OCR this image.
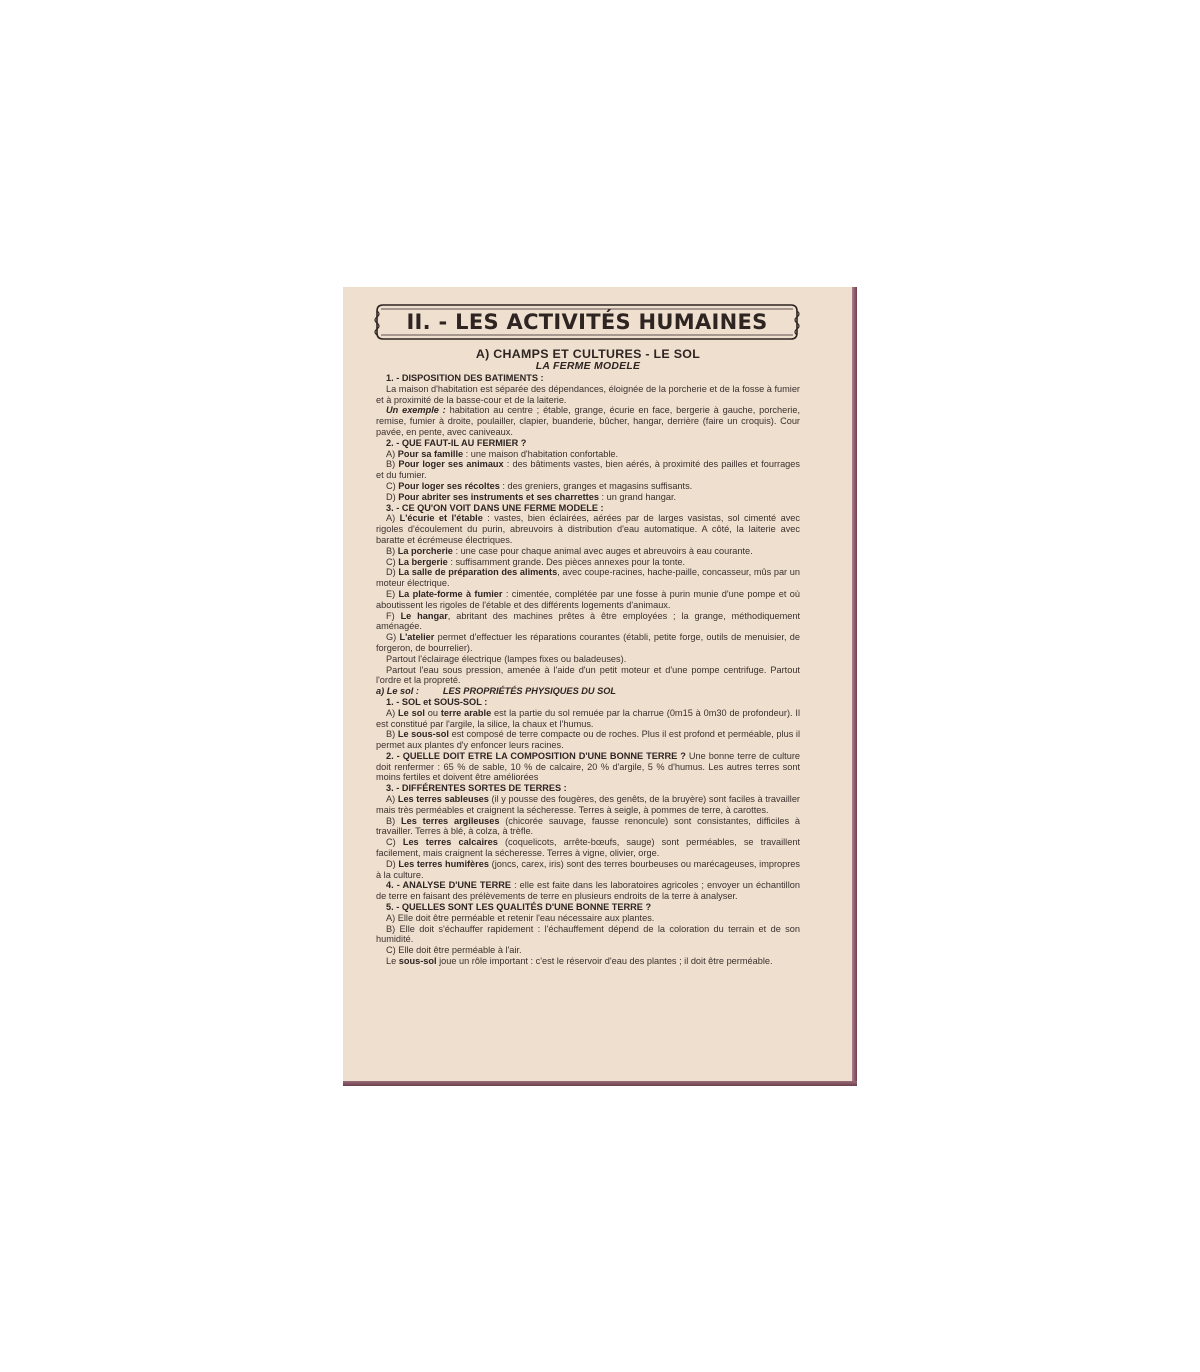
II. - LES ACTIVITÉS HUMAINES
A) CHAMPS ET CULTURES - LE SOL
LA FERME MODELE
1. - DISPOSITION DES BATIMENTS :
La maison d'habitation est séparée des dépendances, éloignée de la porcherie et de la fosse à fumier et à proximité de la basse-cour et de la laiterie.
Un exemple : habitation au centre ; étable, grange, écurie en face, bergerie à gauche, porcherie, remise, fumier à droite, poulailler, clapier, buanderie, bûcher, hangar, derrière (faire un croquis). Cour pavée, en pente, avec caniveaux.
2. - QUE FAUT-IL AU FERMIER ?
A) Pour sa famille : une maison d'habitation confortable.
B) Pour loger ses animaux : des bâtiments vastes, bien aérés, à proximité des pailles et fourrages et du fumier.
C) Pour loger ses récoltes : des greniers, granges et magasins suffisants.
D) Pour abriter ses instruments et ses charrettes : un grand hangar.
3. - CE QU'ON VOIT DANS UNE FERME MODELE :
A) L'écurie et l'étable : vastes, bien éclairées, aérées par de larges vasistas, sol cimenté avec rigoles d'écoulement du purin, abreuvoirs à distribution d'eau automatique. A côté, la laiterie avec baratte et écrémeuse électriques.
B) La porcherie : une case pour chaque animal avec auges et abreuvoirs à eau courante.
C) La bergerie : suffisamment grande. Des pièces annexes pour la tonte.
D) La salle de préparation des aliments, avec coupe-racines, hache-paille, concasseur, mûs par un moteur électrique.
E) La plate-forme à fumier : cimentée, complétée par une fosse à purin munie d'une pompe et où aboutissent les rigoles de l'étable et des différents logements d'animaux.
F) Le hangar, abritant des machines prêtes à être employées ; la grange, méthodiquement aménagée.
G) L'atelier permet d'effectuer les réparations courantes (établi, petite forge, outils de menuisier, de forgeron, de bourrelier).
Partout l'éclairage électrique (lampes fixes ou baladeuses).
Partout l'eau sous pression, amenée à l'aide d'un petit moteur et d'une pompe centrifuge. Partout l'ordre et la propreté.
a) Le sol :	LES PROPRIÉTÉS PHYSIQUES DU SOL
1. - SOL et SOUS-SOL :
A) Le sol ou terre arable est la partie du sol remuée par la charrue (0m15 à 0m30 de profondeur). Il est constitué par l'argile, la silice, la chaux et l'humus.
B) Le sous-sol est composé de terre compacte ou de roches. Plus il est profond et perméable, plus il permet aux plantes d'y enfoncer leurs racines.
2. - QUELLE DOIT ETRE LA COMPOSITION D'UNE BONNE TERRE ? Une bonne terre de culture doit renfermer : 65 % de sable, 10 % de calcaire, 20 % d'argile, 5 % d'humus. Les autres terres sont moins fertiles et doivent être améliorées
3. - DIFFÉRENTES SORTES DE TERRES :
A) Les terres sableuses (il y pousse des fougères, des genêts, de la bruyère) sont faciles à travailler mais très perméables et craignent la sécheresse. Terres à seigle, à pommes de terre, à carottes.
B) Les terres argileuses (chicorée sauvage, fausse renoncule) sont consistantes, difficiles à travailler. Terres à blé, à colza, à trèfle.
C) Les terres calcaires (coquelicots, arrête-bœufs, sauge) sont perméables, se travaillent facilement, mais craignent la sécheresse. Terres à vigne, olivier, orge.
D) Les terres humifères (joncs, carex, iris) sont des terres bourbeuses ou marécageuses, impropres à la culture.
4. - ANALYSE D'UNE TERRE : elle est faite dans les laboratoires agricoles ; envoyer un échantillon de terre en faisant des prélèvements de terre en plusieurs endroits de la terre à analyser.
5. - QUELLES SONT LES QUALITÉS D'UNE BONNE TERRE ?
A) Elle doit être perméable et retenir l'eau nécessaire aux plantes.
B) Elle doit s'échauffer rapidement : l'échauffement dépend de la coloration du terrain et de son humidité.
C) Elle doit être perméable à l'air.
Le sous-sol joue un rôle important : c'est le réservoir d'eau des plantes ; il doit être perméable.
